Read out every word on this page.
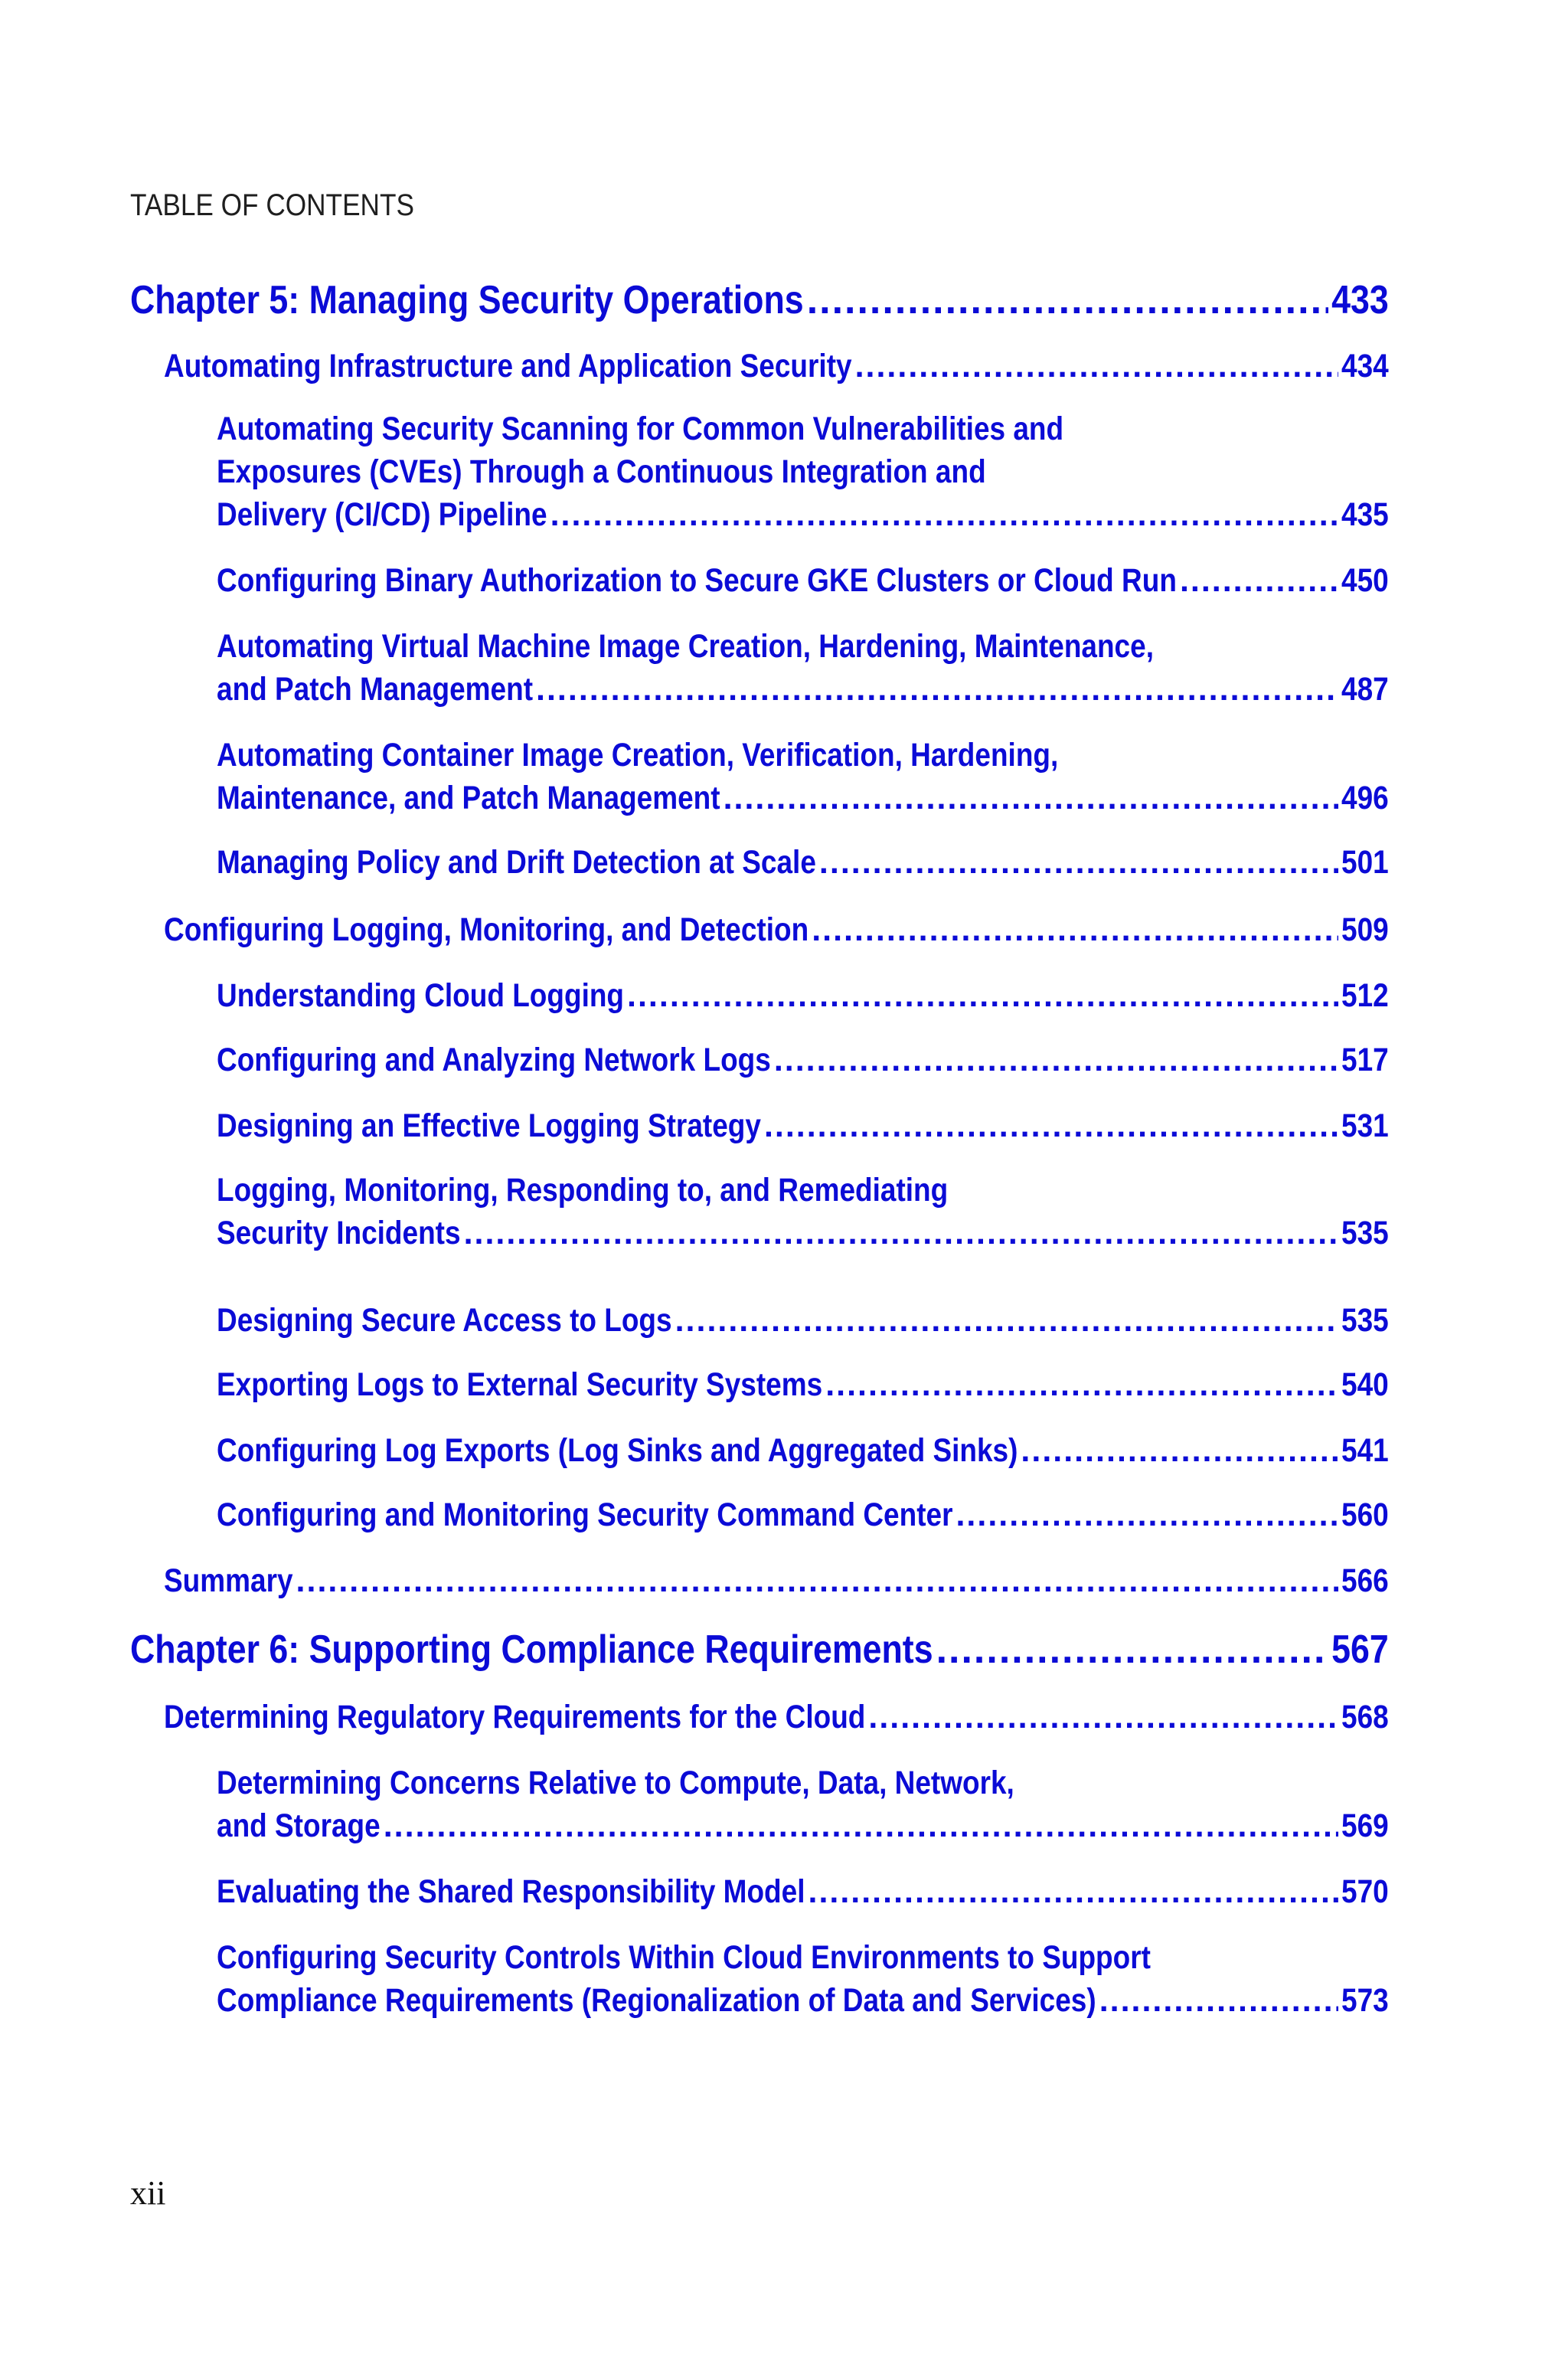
TABLE OF CONTENTS
Chapter 5: Managing Security Operations .....	433
Automating Infrastructure and Application Security .....	434
Automating Security Scanning for Common Vulnerabilities and
Exposures (CVEs) Through a Continuous Integration and
Delivery (CI/CD) Pipeline .....	435
Configuring Binary Authorization to Secure GKE Clusters or Cloud Run .....	450
Automating Virtual Machine Image Creation, Hardening, Maintenance,
and Patch Management .....	487
Automating Container Image Creation, Verification, Hardening,
Maintenance, and Patch Management .....	496
Managing Policy and Drift Detection at Scale .....	501
Configuring Logging, Monitoring, and Detection .....	509
Understanding Cloud Logging .....	512
Configuring and Analyzing Network Logs .....	517
Designing an Effective Logging Strategy .....	531
Logging, Monitoring, Responding to, and Remediating
Security Incidents .....	535
Designing Secure Access to Logs .....	535
Exporting Logs to External Security Systems .....	540
Configuring Log Exports (Log Sinks and Aggregated Sinks) .....	541
Configuring and Monitoring Security Command Center .....	560
Summary .....	566
Chapter 6: Supporting Compliance Requirements .....	567
Determining Regulatory Requirements for the Cloud .....	568
Determining Concerns Relative to Compute, Data, Network,
and Storage .....	569
Evaluating the Shared Responsibility Model .....	570
Configuring Security Controls Within Cloud Environments to Support
Compliance Requirements (Regionalization of Data and Services) .....	573
xii
